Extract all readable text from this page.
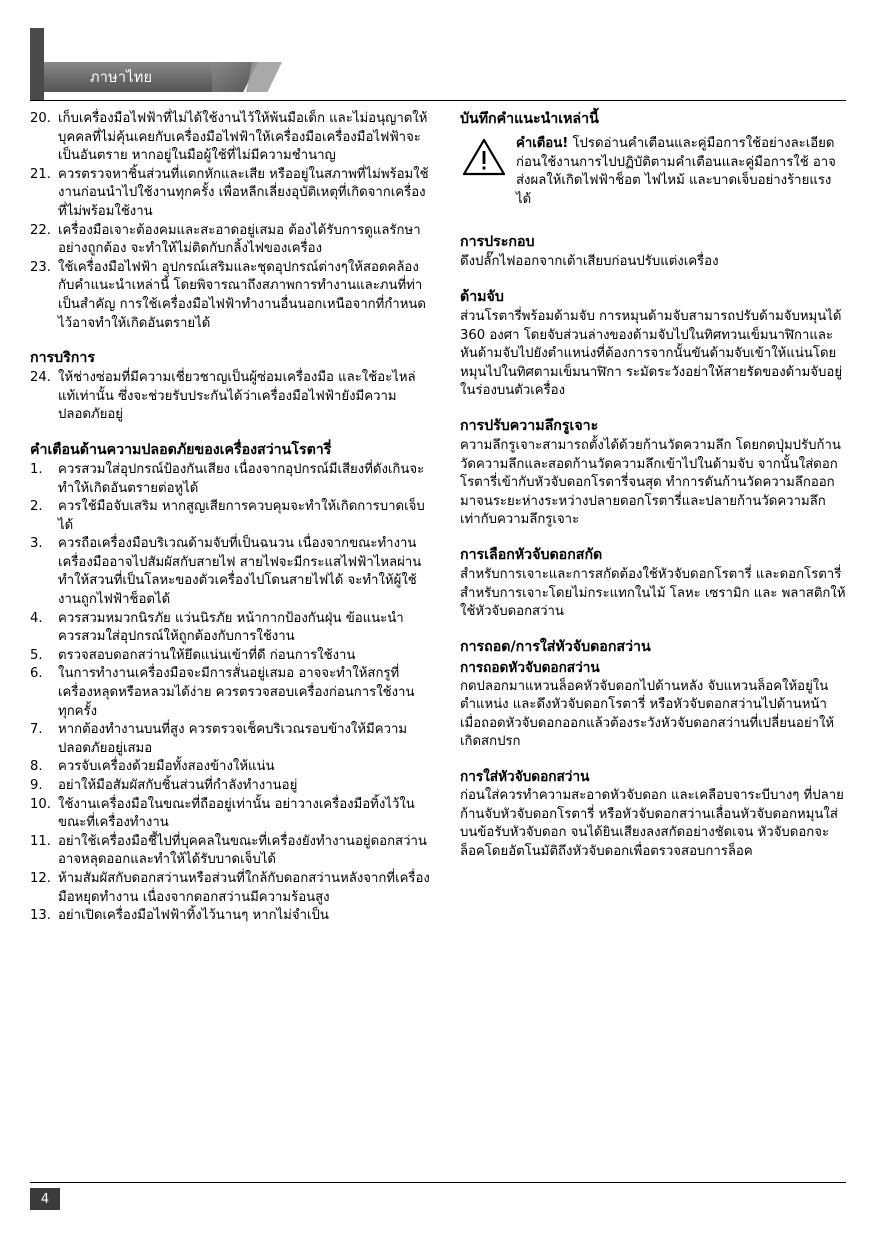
ภาษาไทย
20. เก็บเครื่องมือไฟฟ้าที่ไม่ได้ใช้งานไว้ให้พ้นมือเด็ก และไม่อนุญาตให้บุคคลที่ไม่คุ้นเคยกับเครื่องมือไฟฟ้าให้เครื่องมือเครื่องมือไฟฟ้าจะเป็นอันตราย หากอยู่ในมือผู้ใช้ที่ไม่มีความชำนาญ
21. ควรตรวจหาชิ้นส่วนที่แตกหักและเสีย หรืออยู่ในสภาพที่ไม่พร้อมใช้งานก่อนนำไปใช้งานทุกครั้ง เพื่อหลีกเลี่ยงอุบัติเหตุที่เกิดจากเครื่องที่ไม่พร้อมใช้งาน
22. เครื่องมือเจาะต้องคมและสะอาดอยู่เสมอ ต้องได้รับการดูแลรักษาอย่างถูกต้อง จะทำให้ไม่ติดกับกลิ้งไฟของเครื่อง
23. ใช้เครื่องมือไฟฟ้า อุปกรณ์เสริมและชุดอุปกรณ์ต่างๆให้สอดคล้องกับคำแนะนำเหล่านี้ โดยพิจารณาถึงสภาพการทำงานและภนที่ท่าเป็นสำคัญ การใช้เครื่องมือไฟฟ้าทำงานอื่นนอกเหนือจากที่กำหนดไว้อาจทำให้เกิดอันตรายได้
การบริการ
24. ให้ช่างซ่อมที่มีความเชี่ยวชาญเป็นผู้ซ่อมเครื่องมือ และใช้อะไหล่แท้เท่านั้น ซึ่งจะช่วยรับประกันได้ว่าเครื่องมือไฟฟ้ายังมีความปลอดภัยอยู่
คำเตือนด้านความปลอดภัยของเครื่องสว่านโรตารี่
1.	ควรสวมใส่อุปกรณ์ป้องกันเสียง เนื่องจากอุปกรณ์มีเสียงที่ดังเกินจะทำให้เกิดอันตรายต่อหูได้
2.	ควรใช้มือจับเสริม หากสูญเสียการควบคุมจะทำให้เกิดการบาดเจ็บได้
3.	ควรถือเครื่องมือบริเวณด้ามจับที่เป็นฉนวน เนื่องจากขณะทำงานเครื่องมืออาจไปสัมผัสกับสายไฟ สายไฟจะมีกระแสไฟฟ้าไหลผ่าน ทำให้สวนที่เป็นโลหะของตัวเครื่องไปโดนสายไฟได้ จะทำให้ผู้ใช้งานถูกไฟฟ้าช็อตได้
4.	ควรสวมหมวกนิรภัย แว่นนิรภัย หน้ากากป้องกันฝุ่น ข้อแนะนำ ควรสวมใส่อุปกรณ์ให้ถูกต้องกับการใช้งาน
5.	ตรวจสอบดอกสว่านให้ยึดแน่นเข้าที่ดี ก่อนการใช้งาน
6.	ในการทำงานเครื่องมือจะมีการสั่นอยู่เสมอ อาจจะทำให้สกรูที่เครื่องหลุดหรือหลวมได้ง่าย ควรตรวจสอบเครื่องก่อนการใช้งานทุกครั้ง
7.	หากต้องทำงานบนที่สูง ควรตรวจเช็คบริเวณรอบข้างให้มีความปลอดภัยอยู่เสมอ
8.	ควรจับเครื่องด้วยมือทั้งสองข้างให้แน่น
9.	อย่าให้มือสัมผัสกับชิ้นส่วนที่กำลังทำงานอยู่
10. ใช้งานเครื่องมือในขณะที่ถืออยู่เท่านั้น อย่าวางเครื่องมือทิ้งไว้ในขณะที่เครื่องทำงาน
11. อย่าใช้เครื่องมือชี้ไปที่บุคคลในขณะที่เครื่องยังทำงานอยู่ดอกสว่านอาจหลุดออกและทำให้ได้รับบาดเจ็บได้
12. ห้ามสัมผัสกับดอกสว่านหรือส่วนที่ใกล้กับดอกสว่านหลังจากที่เครื่องมือหยุดทำงาน เนื่องจากดอกสว่านมีความร้อนสูง
13. อย่าเปิดเครื่องมือไฟฟ้าทิ้งไว้นานๆ หากไม่จำเป็น
บันทึกคำแนะนำเหล่านี้
คำเตือน! โปรดอ่านคำเตือนและคู่มือการใช้อย่างละเอียดก่อนใช้งานการไปปฏิบัติตามคำเตือนและคู่มือการใช้ อาจส่งผลให้เกิดไฟฟ้าช็อต ไฟไหม้ และบาดเจ็บอย่างร้ายแรงได้
การประกอบ

ดึงปลั๊กไฟออกจากเต้าเสียบก่อนปรับแต่งเครื่อง

ด้ามจับ

ส่วนโรตารี่พร้อมด้ามจับ การหมุนด้ามจับสามารถปรับด้ามจับหมุนได้ 360 องศา โดยจับส่วนล่างของด้ามจับไปในทิศทวนเข็มนาฬิกาและหันด้ามจับไปยังตำแหน่งที่ต้องการจากนั้นขันด้ามจับเข้าให้แน่นโดยหมุนไปในทิศตามเข็มนาฬิกา ระมัดระวังอย่าให้สายรัดของด้ามจับอยู่ในร่องบนตัวเครื่อง

การปรับความลึกรูเจาะ

ความลึกรูเจาะสามารถตั้งได้ด้วยก้านวัดความลึก โดยกดปุ่มปรับก้านวัดความลึกและสอดก้านวัดความลึกเข้าไปในด้ามจับ จากนั้นใส่ดอกโรตารี่เข้ากับหัวจับดอกโรตารี่จนสุด ทำการดันก้านวัดความลึกออกมาจนระยะห่างระหว่างปลายดอกโรตารี่และปลายก้านวัดความลึกเท่ากับความลึกรูเจาะ

การเลือกหัวจับดอกสกัด

สำหรับการเจาะและการสกัดต้องใช้หัวจับดอกโรตารี่ และดอกโรตารี่

สำหรับการเจาะโดยไม่กระแทกในไม้ โลหะ เซรามิก และ พลาสติกให้ใช้หัวจับดอกสว่าน

การถอด/การใส่หัวจับดอกสว่าน
การถอดหัวจับดอกสว่าน

กดปลอกมาแหวนล็อคหัวจับดอกไปด้านหลัง จับแหวนล็อคให้อยู่ในตำแหน่ง และดึงหัวจับดอกโรตารี่ หรือหัวจับดอกสว่านไปด้านหน้า เมื่อถอดหัวจับดอกออกแล้วต้องระวังหัวจับดอกสว่านที่เปลี่ยนอย่าให้เกิดสกปรก

การใส่หัวจับดอกสว่าน

ก่อนใส่ควรทำความสะอาดหัวจับดอก และเคลือบจาระบีบางๆ ที่ปลายก้านจับหัวจับดอกโรตารี่ หรือหัวจับดอกสว่านเลื่อนหัวจับดอกหมุนใส่บนข้อรับหัวจับดอก จนได้ยินเสียงลงสกัดอย่างชัดเจน หัวจับดอกจะล็อคโดยอัตโนมัติถึงหัวจับดอกเพื่อตรวจสอบการล็อค

4
